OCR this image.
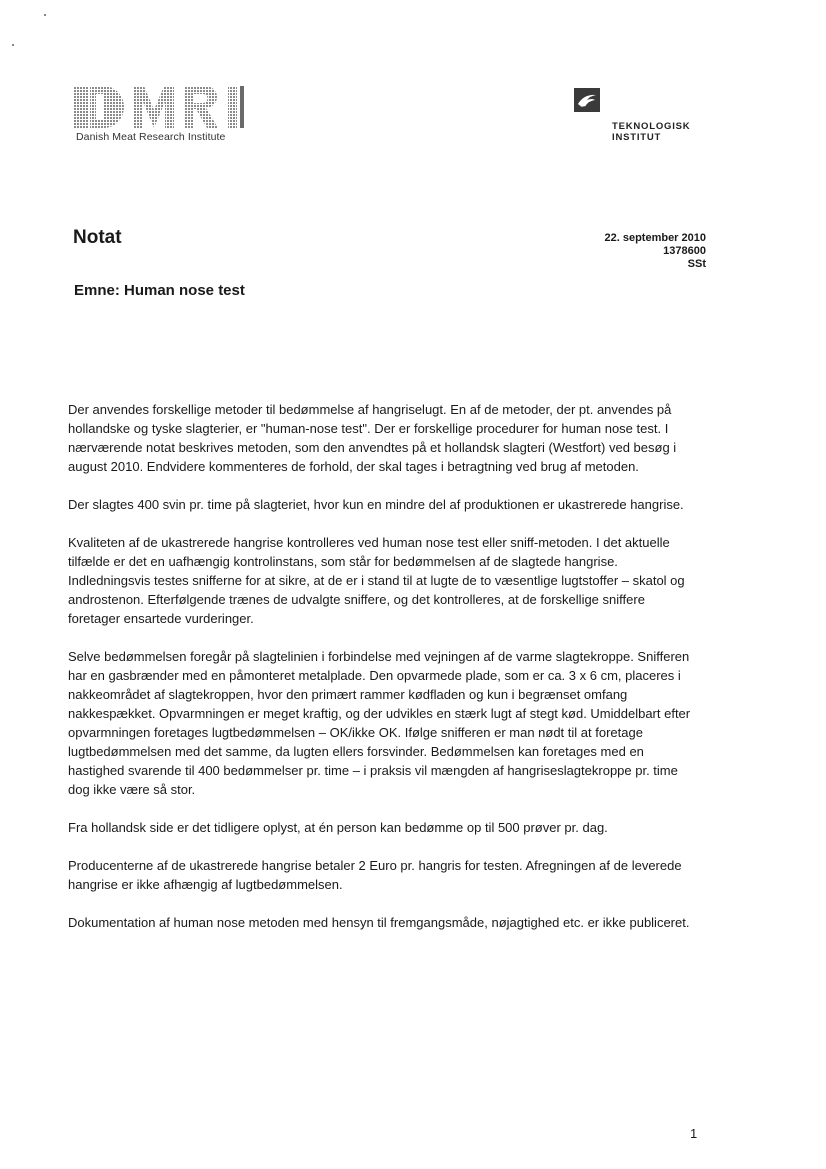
Danish Meat Research Institute
TEKNOLOGISK
INSTITUT
Notat	22. september 2010
1378600
SSt
Emne: Human nose test

Der anvendes forskellige metoder til bedømmelse af hangriselugt. En af de metoder, der pt. anvendes på hollandske og tyske slagterier, er "human-nose test". Der er forskellige procedurer for human nose test. I nærværende notat beskrives metoden, som den anvendtes på et hollandsk slagteri (Westfort) ved besøg i august 2010. Endvidere kommenteres de forhold, der skal tages i betragtning ved brug af metoden.

Der slagtes 400 svin pr. time på slagteriet, hvor kun en mindre del af produktionen er ukastrerede hangrise.

Kvaliteten af de ukastrerede hangrise kontrolleres ved human nose test eller sniff-metoden. I det aktuelle tilfælde er det en uafhængig kontrolinstans, som står for bedømmelsen af de slagtede hangrise. Indledningsvis testes snifferne for at sikre, at de er i stand til at lugte de to væsentlige lugtstoffer – skatol og androstenon. Efterfølgende trænes de udvalgte sniffere, og det kontrolleres, at de forskellige sniffere foretager ensartede vurderinger.

Selve bedømmelsen foregår på slagtelinien i forbindelse med vejningen af de varme slagtekroppe. Snifferen har en gasbrænder med en påmonteret metalplade. Den opvarmede plade, som er ca. 3 x 6 cm, placeres i nakkeområdet af slagtekroppen, hvor den primært rammer kødfladen og kun i begrænset omfang nakkespækket. Opvarmningen er meget kraftig, og der udvikles en stærk lugt af stegt kød. Umiddelbart efter opvarmningen foretages lugtbedømmelsen – OK/ikke OK. Ifølge snifferen er man nødt til at foretage lugtbedømmelsen med det samme, da lugten ellers forsvinder. Bedømmelsen kan foretages med en hastighed svarende til 400 bedømmelser pr. time – i praksis vil mængden af hangriseslagtekroppe pr. time dog ikke være så stor.

Fra hollandsk side er det tidligere oplyst, at én person kan bedømme op til 500 prøver pr. dag.

Producenterne af de ukastrerede hangrise betaler 2 Euro pr. hangris for testen. Afregningen af de leverede hangrise er ikke afhængig af lugtbedømmelsen.

Dokumentation af human nose metoden med hensyn til fremgangsmåde, nøjagtighed etc. er ikke publiceret.

1
